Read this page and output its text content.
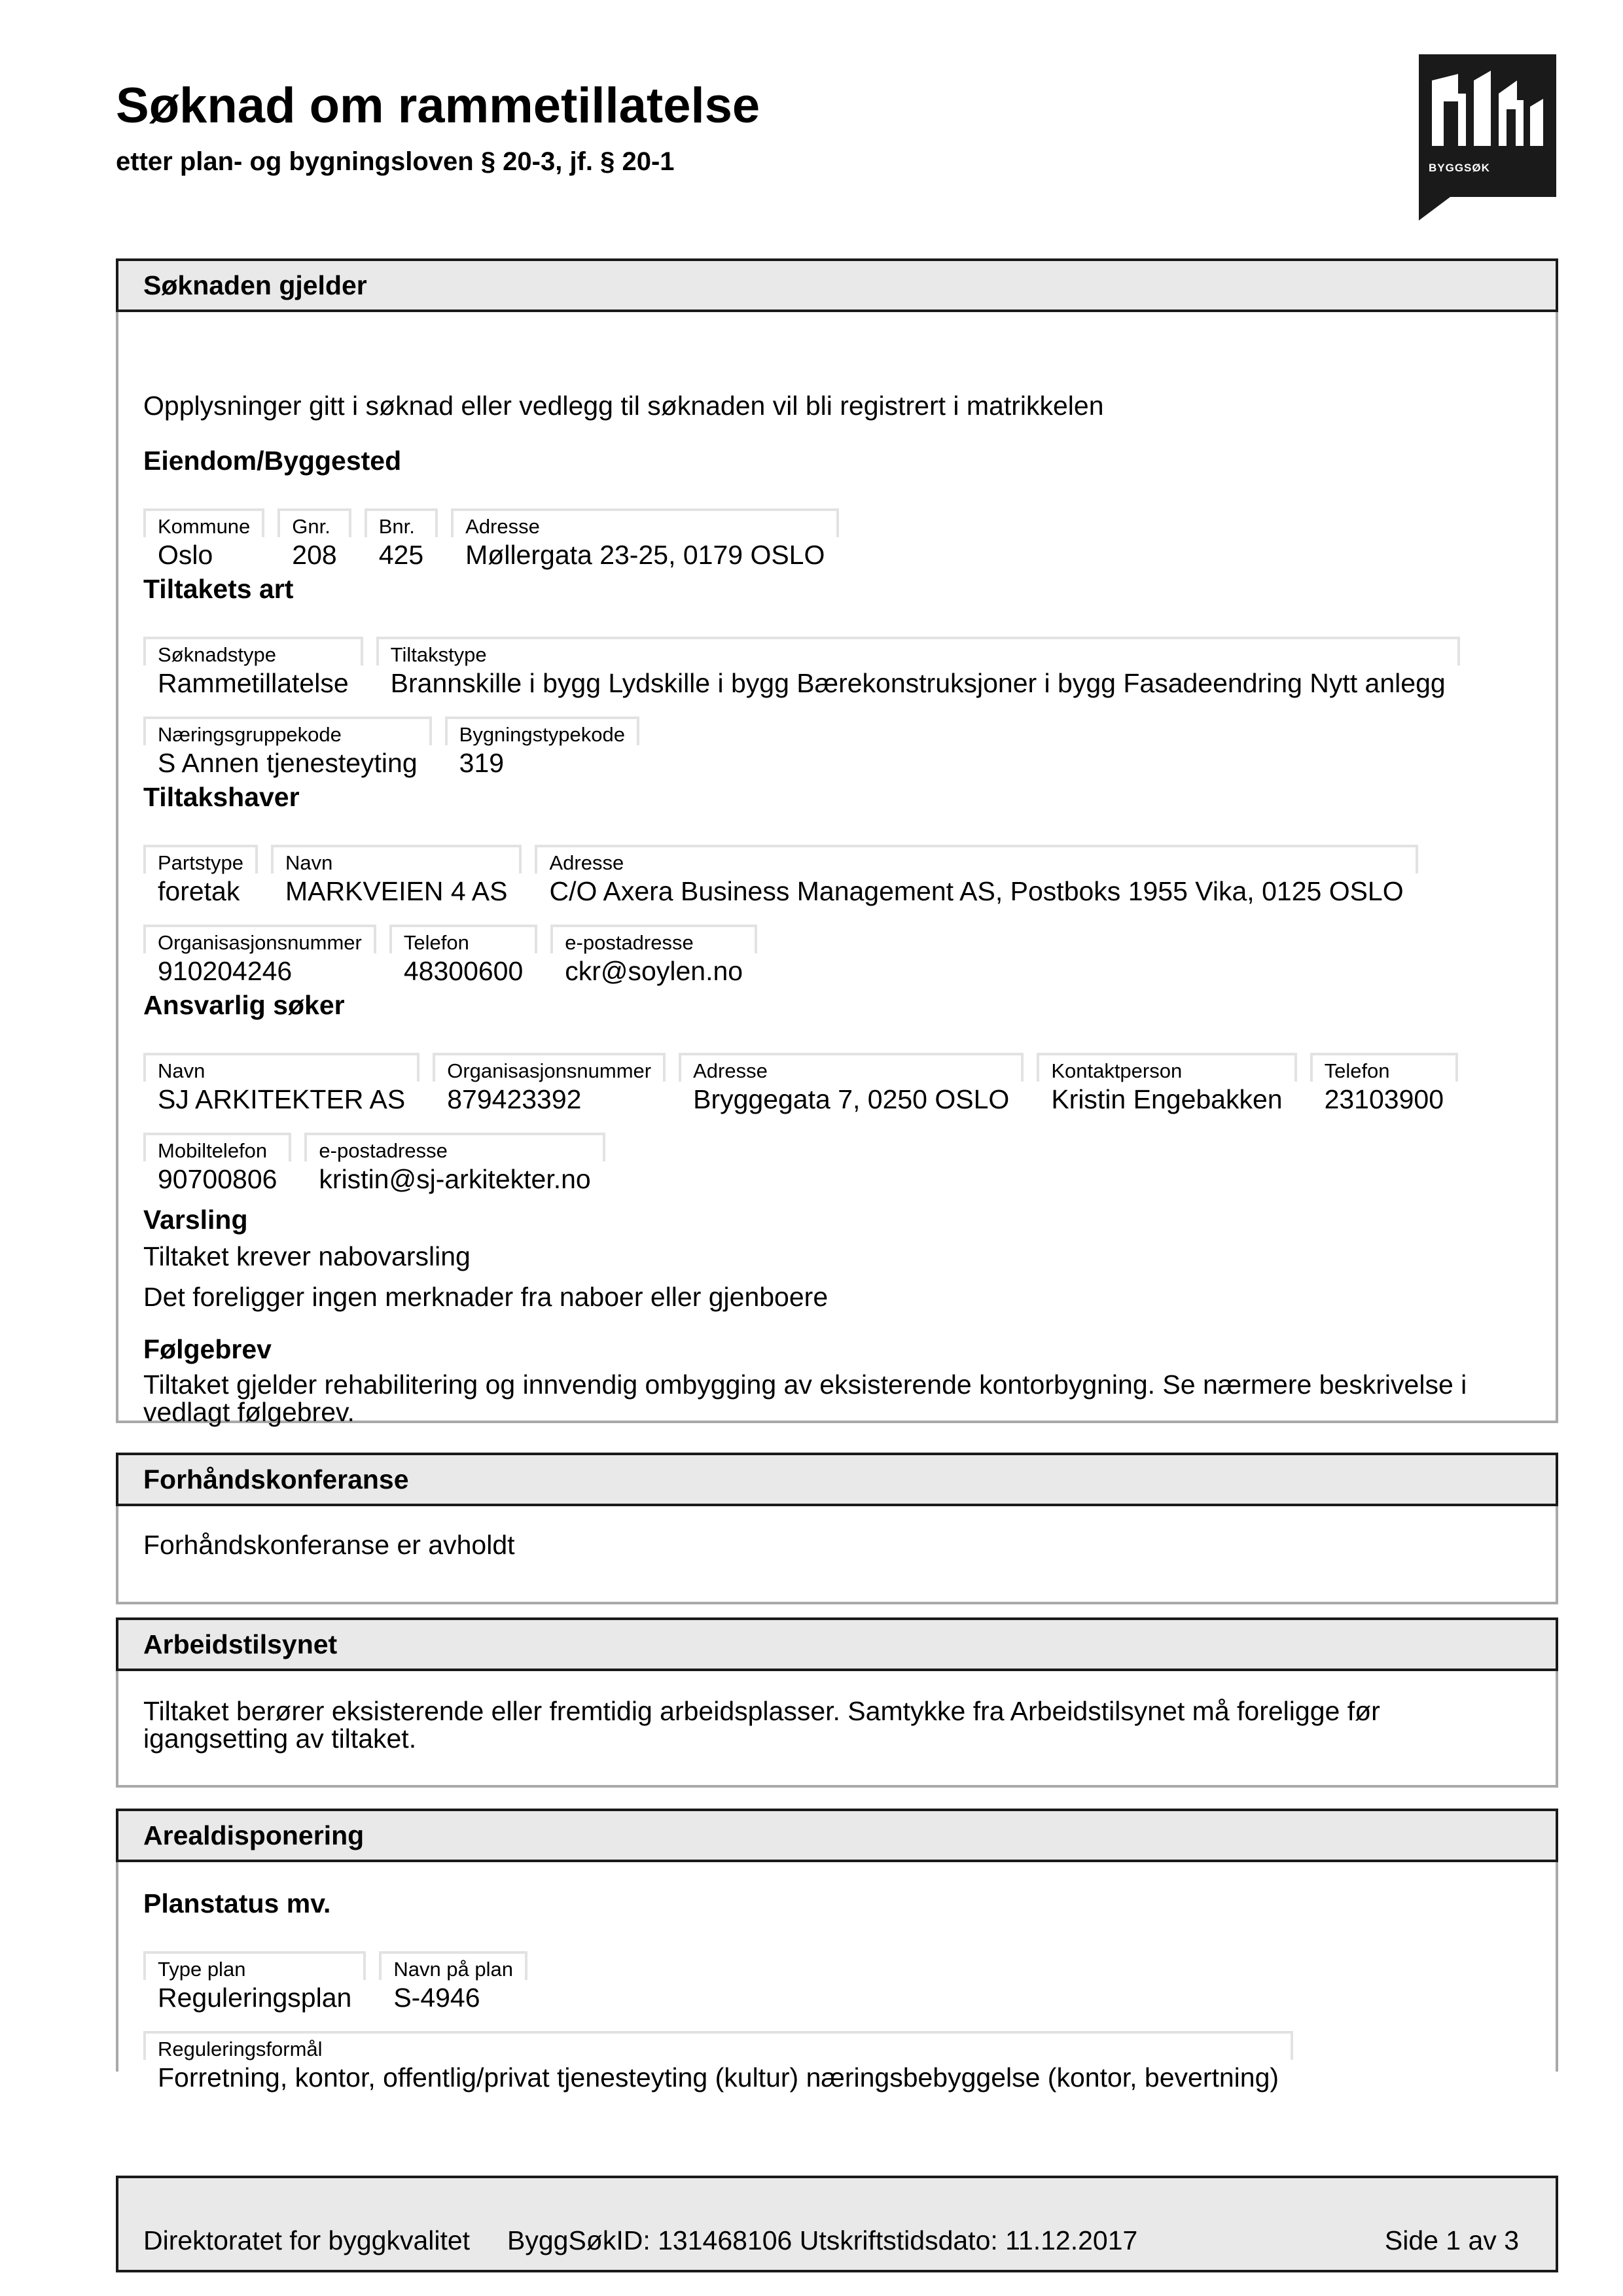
Søknad om rammetillatelse

etter plan- og bygningsloven § 20-3, jf. § 20-1	BYGGSØK
Søknaden gjelder

Opplysninger gitt i søknad eller vedlegg til søknaden vil bli registrert i matrikkelen

Eiendom/Byggested

Kommune
Oslo
Gnr.
208
Bnr.
425
Adresse
Møllergata 23-25, 0179 OSLO

Tiltakets art

Søknadstype
Rammetillatelse
Tiltakstype
Brannskille i bygg Lydskille i bygg Bærekonstruksjoner i bygg Fasadeendring Nytt anlegg
Næringsgruppekode
S Annen tjenesteyting
Bygningstypekode
319

Tiltakshaver

Partstype
foretak
Navn
MARKVEIEN 4 AS
Adresse
C/O Axera Business Management AS, Postboks 1955 Vika, 0125 OSLO
Organisasjonsnummer
910204246
Telefon
48300600
e-postadresse
ckr@soylen.no

Ansvarlig søker

Navn
SJ ARKITEKTER AS
Organisasjonsnummer
879423392
Adresse
Bryggegata 7, 0250 OSLO
Kontaktperson
Kristin Engebakken
Telefon
23103900
Mobiltelefon
90700806
e-postadresse
kristin@sj-arkitekter.no

Varsling

Tiltaket krever nabovarsling

Det foreligger ingen merknader fra naboer eller gjenboere

Følgebrev

Tiltaket gjelder rehabilitering og innvendig ombygging av eksisterende kontorbygning. Se nærmere beskrivelse i

vedlagt følgebrev.

Forhåndskonferanse

Forhåndskonferanse er avholdt

Arbeidstilsynet

Tiltaket berører eksisterende eller fremtidig arbeidsplasser. Samtykke fra Arbeidstilsynet må foreligge før

igangsetting av tiltaket.

Arealdisponering

Planstatus mv.

Type plan
Reguleringsplan
Navn på plan
S-4946
Reguleringsformål
Forretning, kontor, offentlig/privat tjenesteyting (kultur) næringsbebyggelse (kontor, bevertning)
Direktoratet for byggkvalitet ByggSøkID: 131468106 Utskriftstidsdato: 11.12.2017	Side 1 av 3
